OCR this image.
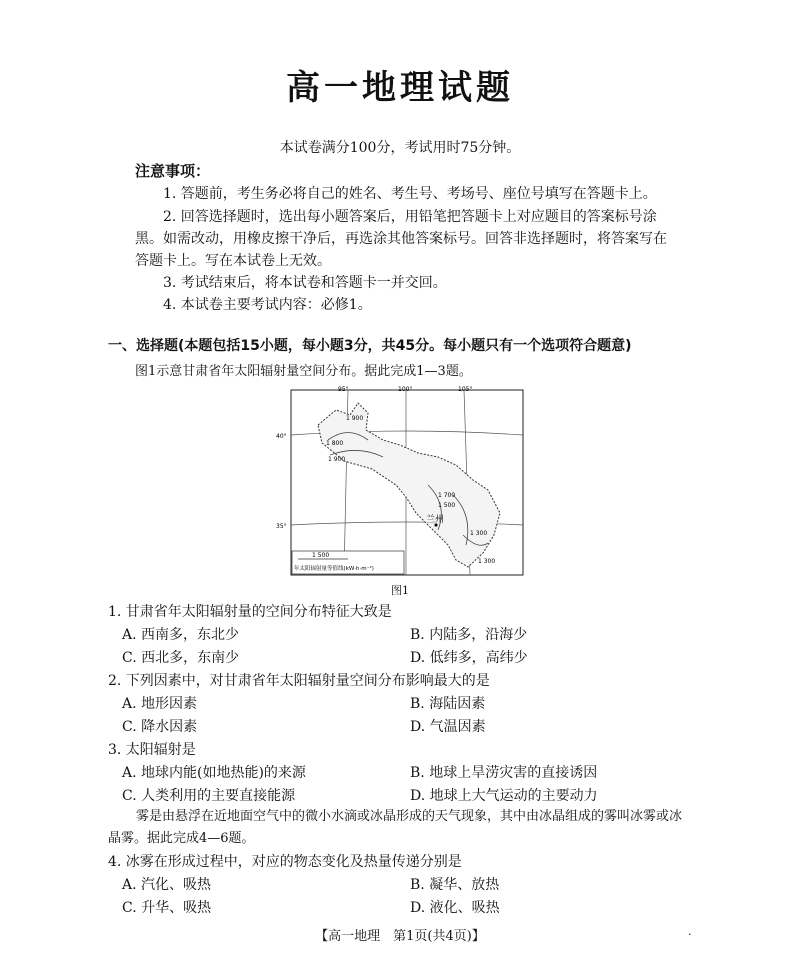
高一地理试题
本试卷满分100分，考试用时75分钟。
注意事项：
1. 答题前，考生务必将自己的姓名、考生号、考场号、座位号填写在答题卡上。
2. 回答选择题时，选出每小题答案后，用铅笔把答题卡上对应题目的答案标号涂黑。如需改动，用橡皮擦干净后，再选涂其他答案标号。回答非选择题时，将答案写在答题卡上。写在本试卷上无效。
3. 考试结束后，将本试卷和答题卡一并交回。
4. 本试卷主要考试内容：必修1。
一、选择题(本题包括15小题，每小题3分，共45分。每小题只有一个选项符合题意)
图1示意甘肃省年太阳辐射量空间分布。据此完成1—3题。
95°	100°	105°
40°
35°
1 900
1 800
1 900
1 700
1 500
1 300
1 300
兰州
1 500
年太阳辐射量等值线(kW·h·m⁻²)
图1
1. 甘肃省年太阳辐射量的空间分布特征大致是
A. 西南多，东北少	B. 内陆多，沿海少
C. 西北多，东南少	D. 低纬多，高纬少
2. 下列因素中，对甘肃省年太阳辐射量空间分布影响最大的是
A. 地形因素	B. 海陆因素
C. 降水因素	D. 气温因素
3. 太阳辐射是
A. 地球内能(如地热能)的来源	B. 地球上旱涝灾害的直接诱因
C. 人类利用的主要直接能源	D. 地球上大气运动的主要动力
雾是由悬浮在近地面空气中的微小水滴或冰晶形成的天气现象，其中由冰晶组成的雾叫冰雾或冰晶雾。据此完成4—6题。
4. 冰雾在形成过程中，对应的物态变化及热量传递分别是
A. 汽化、吸热	B. 凝华、放热
C. 升华、吸热	D. 液化、吸热
【高一地理　第1页(共4页)】	·
